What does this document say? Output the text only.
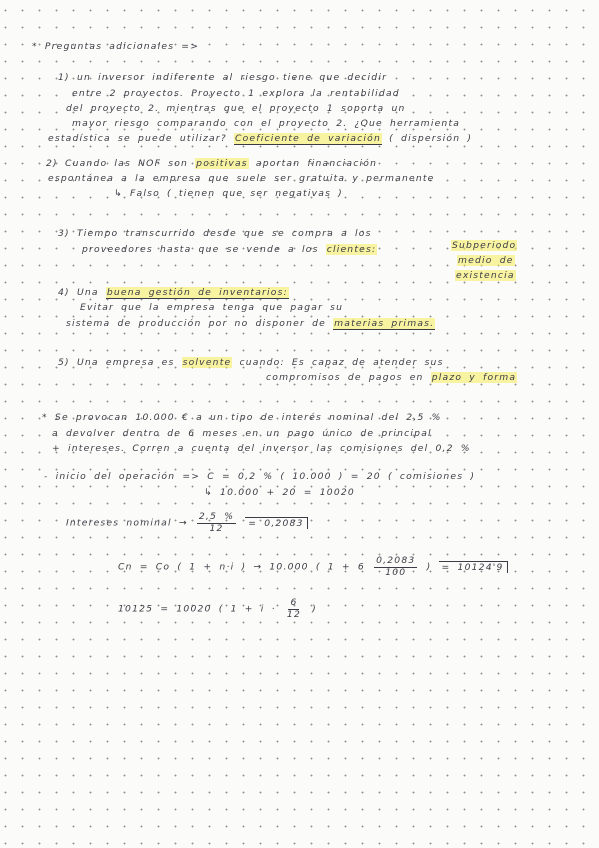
* Preguntas adicionales =>
1) un inversor indiferente al riesgo tiene que decidir
entre 2 proyectos. Proyecto 1 explora la rentabilidad
del proyecto 2. mientras que el proyecto 1 soporta un
mayor riesgo comparando con el proyecto 2. ¿Que herramienta
estadística se puede utilizar? Coeficiente de variación ( dispersión )
2) Cuando las NOF son positivas aportan financiación
espontánea a la empresa que suele ser gratuita y permanente
↳ Falso ( tienen que ser negativas )
3) Tiempo transcurrido desde que se compra a los
proveedores hasta que se vende a los clientes:	Subperiodo
medio de
existencia
4) Una buena gestión de inventarios:
Evitar que la empresa tenga que pagar su
sistema de producción por no disponer de materias primas.
5) Una empresa es solvente cuando: Es capaz de atender sus
compromisos de pagos en plazo y forma
* Se provocan 10.000 € a un tipo de interés nominal del 2,5 %
a devolver dentro de 6 meses en un pago único de principal
+ intereses. Corren a cuenta del inversor las comisiones del 0,2 %
- inicio del operación => C = 0,2 % ( 10.000 ) = 20 ( comisiones )
↳ 10.000 + 20 = 10020
Intereses nominal → $\frac{2,5 \%}{12} = 0,2083$
Cn = Co ( 1 + n·i ) → 10.000 ( $1 + 6 \frac{0,2083}{100}$ ) = 10124'9
10125 = 10020 ( $1 + i \cdot \frac{6}{12}$ )
